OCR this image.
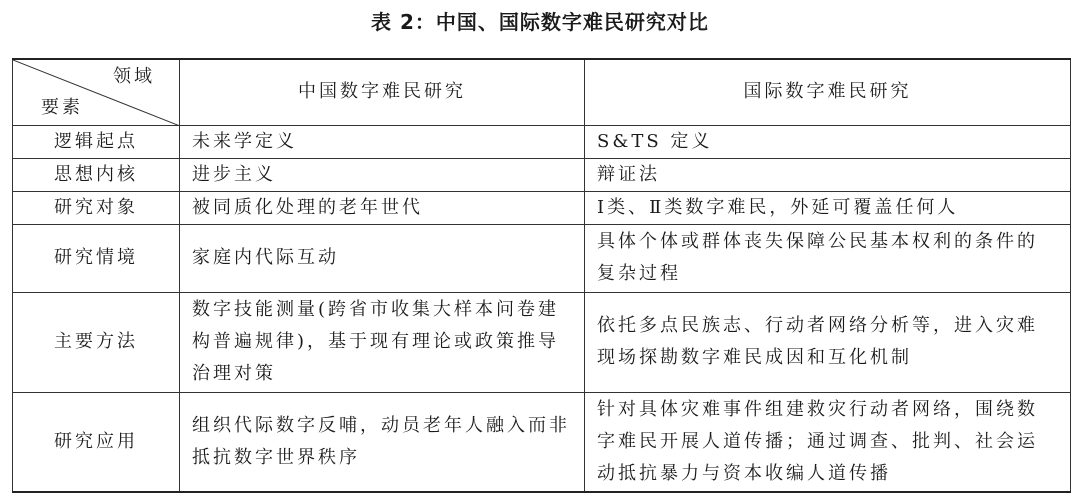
表 2：中国、国际数字难民研究对比
领域
要素	中国数字难民研究	国际数字难民研究
逻辑起点	未来学定义	S&TS 定义
思想内核	进步主义	辩证法
研究对象	被同质化处理的老年世代	Ⅰ类、Ⅱ类数字难民，外延可覆盖任何人
研究情境	家庭内代际互动	具体个体或群体丧失保障公民基本权利的条件的复杂过程
主要方法	数字技能测量(跨省市收集大样本问卷建构普遍规律)，基于现有理论或政策推导治理对策	依托多点民族志、行动者网络分析等，进入灾难现场探勘数字难民成因和互化机制
研究应用	组织代际数字反哺，动员老年人融入而非抵抗数字世界秩序	针对具体灾难事件组建救灾行动者网络，围绕数字难民开展人道传播；通过调查、批判、社会运动抵抗暴力与资本收编人道传播
